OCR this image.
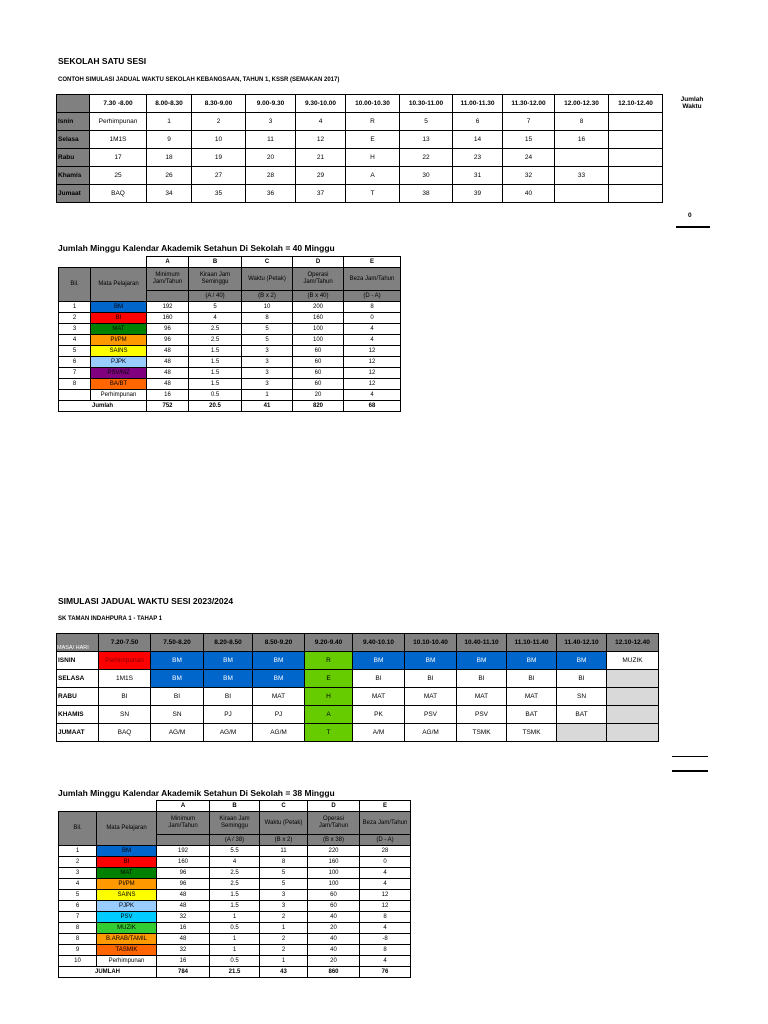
SEKOLAH SATU SESI
CONTOH SIMULASI JADUAL WAKTU SEKOLAH KEBANGSAAN, TAHUN 1, KSSR (SEMAKAN 2017)
Jumlah Waktu
	7.30 -8.00	8.00-8.30	8.30-9.00	9.00-9.30	9.30-10.00	10.00-10.30	10.30-11.00	11.00-11.30	11.30-12.00	12.00-12.30	12.10-12.40
Isnin	Perhimpunan	1	2	3	4	R	5	6	7	8	
Selasa	1M1S	9	10	11	12	E	13	14	15	16	
Rabu	17	18	19	20	21	H	22	23	24		
Khamis	25	26	27	28	29	A	30	31	32	33	
Jumaat	BAQ	34	35	36	37	T	38	39	40		
0
Jumlah Minggu Kalendar Akademik Setahun Di Sekolah = 40 Minggu
		A	B	C	D	E
Bil.	Mata Pelajaran	Minimum Jam/Tahun	Kiraan Jam Seminggu	Waktu (Petak)	Operasi Jam/Tahun	Beza Jam/Tahun
			(A / 40)	(B x 2)	(B x 40)	(D - A)
1	BM	192	5	10	200	8
2	BI	160	4	8	160	0
3	MAT	96	2.5	5	100	4
4	PI/PM	96	2.5	5	100	4
5	SAINS	48	1.5	3	60	12
6	PJPK	48	1.5	3	60	12
7	PSV/MZ	48	1.5	3	60	12
8	BA/BT	48	1.5	3	60	12
	Perhimpunan	16	0.5	1	20	4
Jumlah		752	20.5	41	820	68
SIMULASI JADUAL WAKTU SESI 2023/2024
SK TAMAN INDAHPURA 1 - TAHAP 1
MASA/ HARI	7.20-7.50	7.50-8.20	8.20-8.50	8.50-9.20	9.20-9.40	9.40-10.10	10.10-10.40	10.40-11.10	11.10-11.40	11.40-12.10	12.10-12.40
ISNIN	Perhimpunan	BM	BM	BM	R	BM	BM	BM	BM	BM	MUZIK
SELASA	1M1S	BM	BM	BM	E	BI	BI	BI	BI	BI	
RABU	BI	BI	BI	MAT	H	MAT	MAT	MAT	MAT	SN	
KHAMIS	SN	SN	PJ	PJ	A	PK	PSV	PSV	BAT	BAT	
JUMAAT	BAQ	AG/M	AG/M	AG/M	T	A/M	AG/M	TSMK	TSMK		
Jumlah Minggu Kalendar Akademik Setahun Di Sekolah = 38 Minggu
		A	B	C	D	E
Bil.	Mata Pelajaran	Minimum Jam/Tahun	Kiraan Jam Seminggu	Waktu (Petak)	Operasi Jam/Tahun	Beza Jam/Tahun
			(A / 38)	(B x 2)	(B x 38)	(D - A)
1	BM	192	5.5	11	220	28
2	BI	160	4	8	160	0
3	MAT	96	2.5	5	100	4
4	PI/PM	96	2.5	5	100	4
5	SAINS	48	1.5	3	60	12
6	PJPK	48	1.5	3	60	12
7	PSV	32	1	2	40	8
8	MUZIK	16	0.5	1	20	4
8	B.ARAB/TAMIL	48	1	2	40	-8
9	TASMIK	32	1	2	40	8
10	Perhimpunan	16	0.5	1	20	4
JUMLAH		784	21.5	43	860	76
